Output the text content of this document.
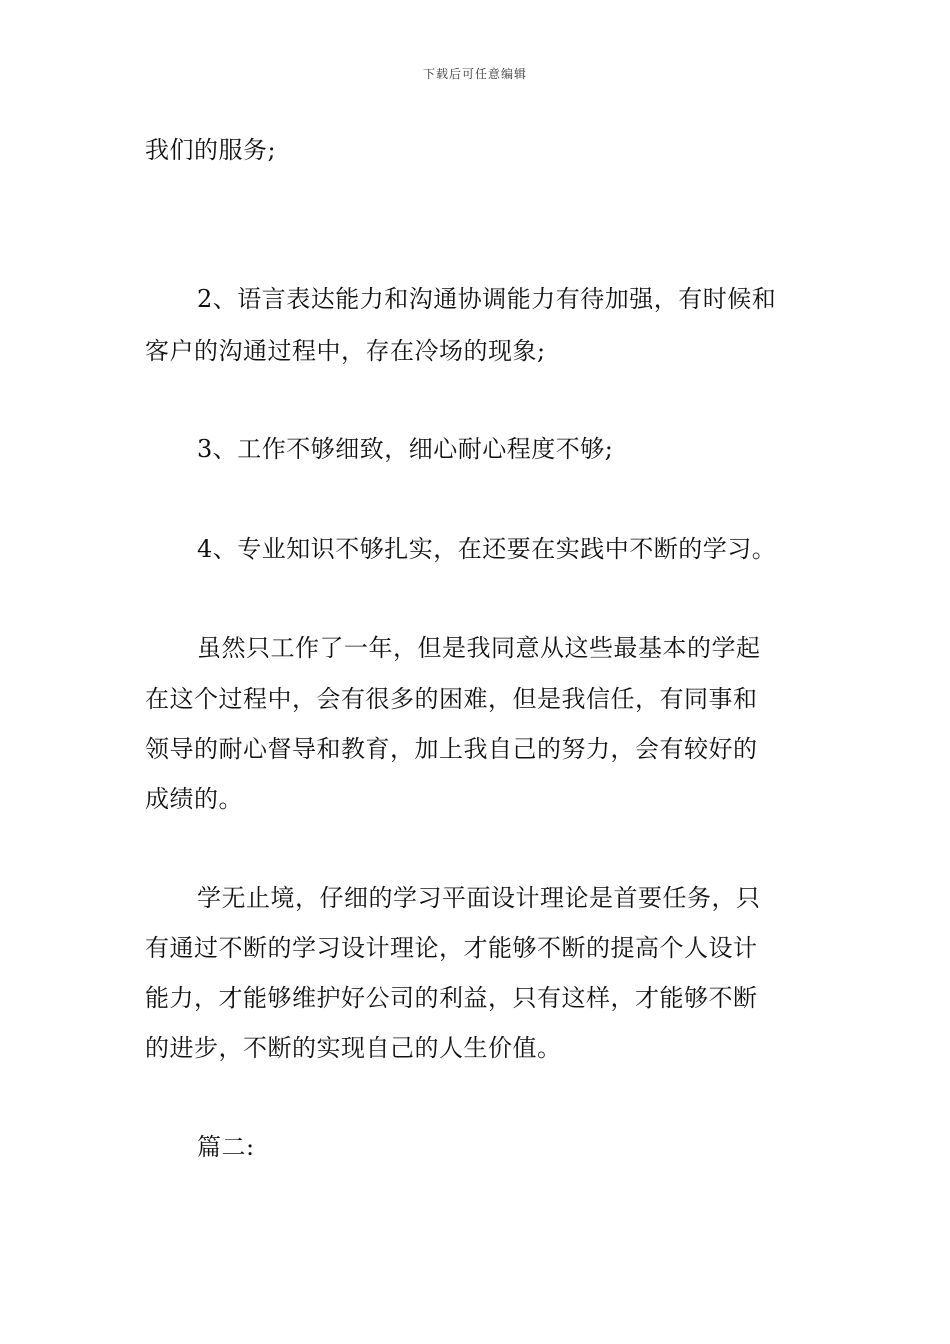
下载后可任意编辑
我们的服务;
2、语言表达能力和沟通协调能力有待加强，有时候和
客户的沟通过程中，存在冷场的现象;
3、工作不够细致，细心耐心程度不够;
4、专业知识不够扎实，在还要在实践中不断的学习。
虽然只工作了一年，但是我同意从这些最基本的学起
在这个过程中，会有很多的困难，但是我信任，有同事和
领导的耐心督导和教育，加上我自己的努力，会有较好的
成绩的。
学无止境，仔细的学习平面设计理论是首要任务，只
有通过不断的学习设计理论，才能够不断的提高个人设计
能力，才能够维护好公司的利益，只有这样，才能够不断
的进步，不断的实现自己的人生价值。
篇二:
